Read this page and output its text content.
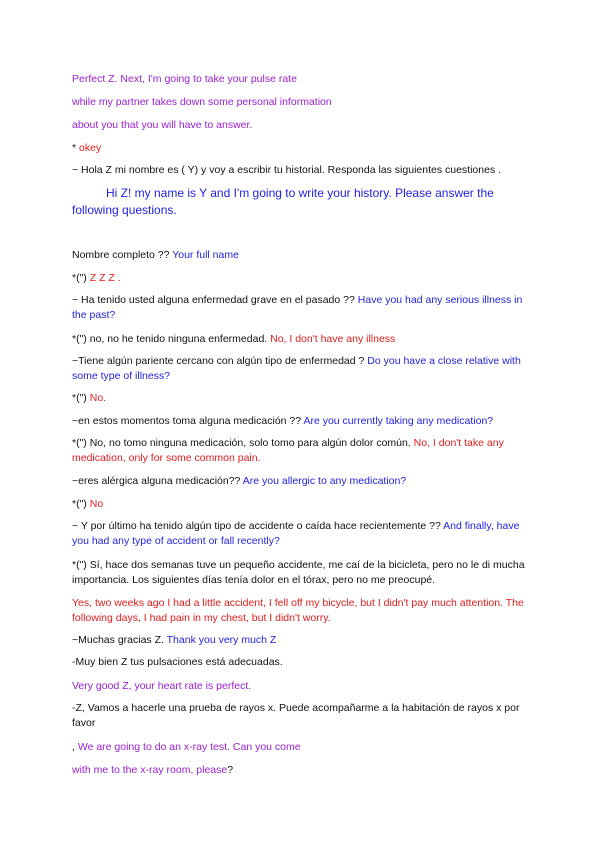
Perfect Z. Next, I'm going to take your pulse rate
while my partner takes down some personal information
about you that you will have to answer.
* okey
~ Hola Z mi nombre es ( Y) y voy a escribir tu historial. Responda las siguientes cuestiones .
Hi Z! my name is Y and I'm going to write your history. Please answer the following questions.
Nombre completo ?? Your full name
*(") Z Z Z .
~ Ha tenido usted alguna enfermedad grave en el pasado ?? Have you had any serious illness in the past?
*(") no, no he tenido ninguna enfermedad. No, I don't have any illness
~Tiene algún pariente cercano con algún tipo de enfermedad ? Do you have a close relative with some type of illness?
*(") No.
~en estos momentos toma alguna medicación ?? Are you currently taking any medication?
*(") No, no tomo ninguna medicación, solo tomo para algún dolor común. No, I don't take any medication, only for some common pain.
~eres alérgica alguna medicación?? Are you allergic to any medication?
*(") No
~ Y por último ha tenido algún tipo de accidente o caída hace recientemente ?? And finally, have you had any type of accident or fall recently?
*(") Sí, hace dos semanas tuve un pequeño accidente, me caí de la bicicleta, pero no le di mucha importancia. Los siguientes días tenía dolor en el tórax, pero no me preocupé.
Yes, two weeks ago I had a little accident, I fell off my bicycle, but I didn't pay much attention. The following days, I had pain in my chest, but I didn't worry.
~Muchas gracias Z. Thank you very much Z
-Muy bien Z tus pulsaciones está adecuadas.
Very good Z, your heart rate is perfect.
-Z, Vamos a hacerle una prueba de rayos x. Puede acompañarme a la habitación de rayos x por favor
, We are going to do an x-ray test. Can you come
with me to the x-ray room, please?
